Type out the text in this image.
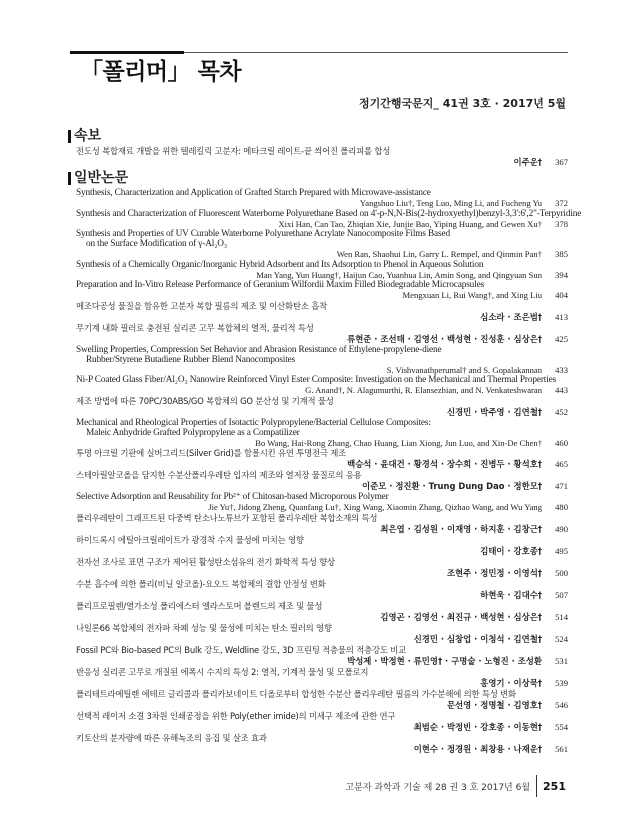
「폴리머」 목차
정기간행국문지_ 41권 3호 · 2017년 5월
속보
전도성 복합재료 개발을 위한 텔레킬릭 고분자: 메타크릴 레이트-끝 씌어진 폴리피롤 합성
이주운†	367
일반논문
Synthesis, Characterization and Application of Grafted Starch Prepared with Microwave-assistance
Yangshuo Liu†, Teng Luo, Ming Li, and Fucheng Yu	372
Synthesis and Characterization of Fluorescent Waterborne Polyurethane Based on 4'-p-N,N-Bis(2-hydroxyethyl)benzyl-3,3':6',2"-Terpyridine
Xixi Han, Can Tao, Zhiqian Xie, Junjie Bao, Yiping Huang, and Gewen Xu†	378
Synthesis and Properties of UV Curable Waterborne Polyurethane Acrylate Nanocomposite Films Based
on the Surface Modification of γ-Al₂O₃
Wen Ran, Shaohui Lin, Garry L. Rempel, and Qinmin Pan†	385
Synthesis of a Chemically Organic/Inorganic Hybrid Adsorbent and Its Adsorption to Phenol in Aqueous Solution
Man Yang, Yun Huang†, Haijun Cao, Yuanhua Lin, Amin Song, and Qingyuan Sun	394
Preparation and In-Vitro Release Performance of Geranium Wilfordii Maxim Filled Biodegradable Microcapsules
Mengxuan Li, Rui Wang†, and Xing Liu	404
메조다공성 물질을 함유한 고분자 복합 필름의 제조 및 이산화탄소 흡착
심소라 · 조은범†	413
무기계 내화 필러로 충전된 실리콘 고무 복합체의 열적, 물리적 특성
류현준 · 조선태 · 김영선 · 백성현 · 진성훈 · 심상은†	425
Swelling Properties, Compression Set Behavior and Abrasion Resistance of Ethylene-propylene-diene
Rubber/Styrene Butadiene Rubber Blend Nanocomposites
S. Vishvanathperumal† and S. Gopalakannan	433
Ni-P Coated Glass Fiber/Al₂O₃ Nanowire Reinforced Vinyl Ester Composite: Investigation on the Mechanical and Thermal Properties
G. Anand†, N. Alagumurthi, R. Elansezhian, and N. Venkateshwaran	443
제조 방법에 따른 70PC/30ABS/GO 복합체의 GO 분산성 및 기계적 물성
신경민 · 박주영 · 김연철†	452
Mechanical and Rheological Properties of Isotactic Polypropylene/Bacterial Cellulose Composites:
Maleic Anhydride Grafted Polypropylene as a Compatilizer
Bo Wang, Hai-Rong Zhang, Chao Huang, Lian Xiong, Jun Luo, and Xin-De Chen†	460
투명 아크릴 기판에 실버그리드(Silver Grid)를 함몰시킨 유연 투명전극 제조
백승석 · 윤대건 · 황경석 · 장수희 · 진병두 · 황석호†	465
스테아릴알코올을 담지한 수분산폴리우레탄 입자의 제조와 열저장 물질로의 응용
이준모 · 정진환 · Trung Dung Dao · 정한모†	471
Selective Adsorption and Reusability for Pb²⁺ of Chitosan-based Microporous Polymer
Jie Yu†, Jidong Zheng, Quanfang Lu†, Xing Wang, Xiaomin Zhang, Qizhao Wang, and Wu Yang	480
폴리우레탄이 그래프트된 다중벽 탄소나노튜브가 포함된 폴리우레탄 복합소재의 특성
최은엽 · 김성원 · 이재영 · 하지훈 · 김창근†	490
하이드록시 에틸아크릴레이트가 광경착 수지 물성에 미치는 영향
김태이 · 강호종†	495
전자선 조사로 표면 구조가 제어된 활성탄소섬유의 전기 화학적 특성 향상
조현주 · 정민정 · 이영석†	500
수분 흡수에 의한 폴리(비닐 알코올)-요오드 복합체의 결합 안정성 변화
하현욱 · 김대수†	507
폴리프로필렌/열가소성 폴리에스터 엘라스토머 블렌드의 제조 및 물성
김영곤 · 김영선 · 최진규 · 백성현 · 심상은†	514
나일론66 복합체의 전자파 차폐 성능 및 물성에 미치는 탄소 필러의 영향
신경민 · 심창업 · 이청석 · 김연철†	524
Fossil PC와 Bio-based PC의 Bulk 강도, Weldline 강도, 3D 프린팅 적층물의 적층강도 비교
박성제 · 박정현 · 류민영† · 구명술 · 노형진 · 조성환	531
반응성 실리콘 고무로 개질된 에폭시 수지의 특성 2: 열적, 기계적 물성 및 모폴로지
홍영기 · 이상묵†	539
폴리테트라메틸렌 에테르 글리콜과 폴리카보네이트 디올로부터 합성한 수분산 폴리우레탄 필름의 가수분해에 의한 특성 변화
문선영 · 정명철 · 김영호†	546
선택적 레이저 소결 3차원 인쇄공정을 위한 Poly(ether imide)의 미세구 제조에 관한 연구
최범순 · 박정빈 · 강호종 · 이동현†	554
키토산의 분자량에 따른 유해녹조의 응집 및 살조 효과
이현수 · 정경원 · 최창용 · 나재운†	561
고분자 과학과 기술 제 28 권 3 호 2017년 6월 251
